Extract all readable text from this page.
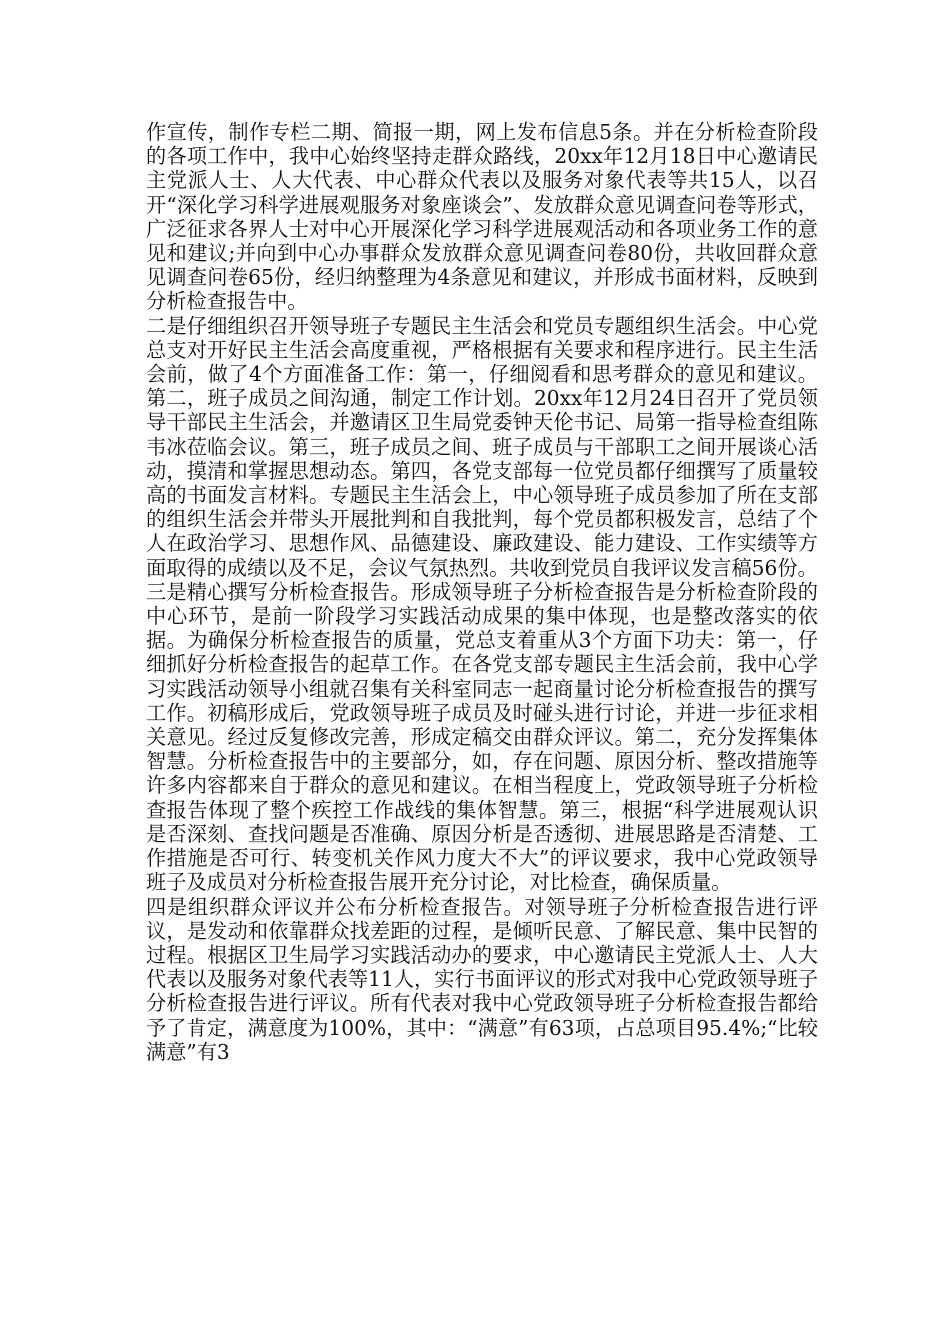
作宣传，制作专栏二期、简报一期，网上发布信息5条。并在分析检查阶段的各项工作中，我中心始终坚持走群众路线，20xx年12月18日中心邀请民主党派人士、人大代表、中心群众代表以及服务对象代表等共15人，以召开“深化学习科学进展观服务对象座谈会”、发放群众意见调查问卷等形式，广泛征求各界人士对中心开展深化学习科学进展观活动和各项业务工作的意见和建议;并向到中心办事群众发放群众意见调查问卷80份，共收回群众意见调查问卷65份，经归纳整理为4条意见和建议，并形成书面材料，反映到分析检查报告中。

二是仔细组织召开领导班子专题民主生活会和党员专题组织生活会。中心党总支对开好民主生活会高度重视，严格根据有关要求和程序进行。民主生活会前，做了4个方面准备工作：第一，仔细阅看和思考群众的意见和建议。第二，班子成员之间沟通，制定工作计划。20xx年12月24日召开了党员领导干部民主生活会，并邀请区卫生局党委钟天伦书记、局第一指导检查组陈韦冰莅临会议。第三，班子成员之间、班子成员与干部职工之间开展谈心活动，摸清和掌握思想动态。第四，各党支部每一位党员都仔细撰写了质量较高的书面发言材料。专题民主生活会上，中心领导班子成员参加了所在支部的组织生活会并带头开展批判和自我批判，每个党员都积极发言，总结了个人在政治学习、思想作风、品德建设、廉政建设、能力建设、工作实绩等方面取得的成绩以及不足，会议气氛热烈。共收到党员自我评议发言稿56份。

三是精心撰写分析检查报告。形成领导班子分析检查报告是分析检查阶段的中心环节，是前一阶段学习实践活动成果的集中体现，也是整改落实的依据。为确保分析检查报告的质量，党总支着重从3个方面下功夫：第一，仔细抓好分析检查报告的起草工作。在各党支部专题民主生活会前，我中心学习实践活动领导小组就召集有关科室同志一起商量讨论分析检查报告的撰写工作。初稿形成后，党政领导班子成员及时碰头进行讨论，并进一步征求相关意见。经过反复修改完善，形成定稿交由群众评议。第二，充分发挥集体智慧。分析检查报告中的主要部分，如，存在问题、原因分析、整改措施等许多内容都来自于群众的意见和建议。在相当程度上，党政领导班子分析检查报告体现了整个疾控工作战线的集体智慧。第三，根据“科学进展观认识是否深刻、查找问题是否准确、原因分析是否透彻、进展思路是否清楚、工作措施是否可行、转变机关作风力度大不大”的评议要求，我中心党政领导班子及成员对分析检查报告展开充分讨论，对比检查，确保质量。

四是组织群众评议并公布分析检查报告。对领导班子分析检查报告进行评议，是发动和依靠群众找差距的过程，是倾听民意、了解民意、集中民智的过程。根据区卫生局学习实践活动办的要求，中心邀请民主党派人士、人大代表以及服务对象代表等11人，实行书面评议的形式对我中心党政领导班子分析检查报告进行评议。所有代表对我中心党政领导班子分析检查报告都给予了肯定，满意度为100%，其中：“满意”有63项，占总项目95.4%;“比较满意”有3
